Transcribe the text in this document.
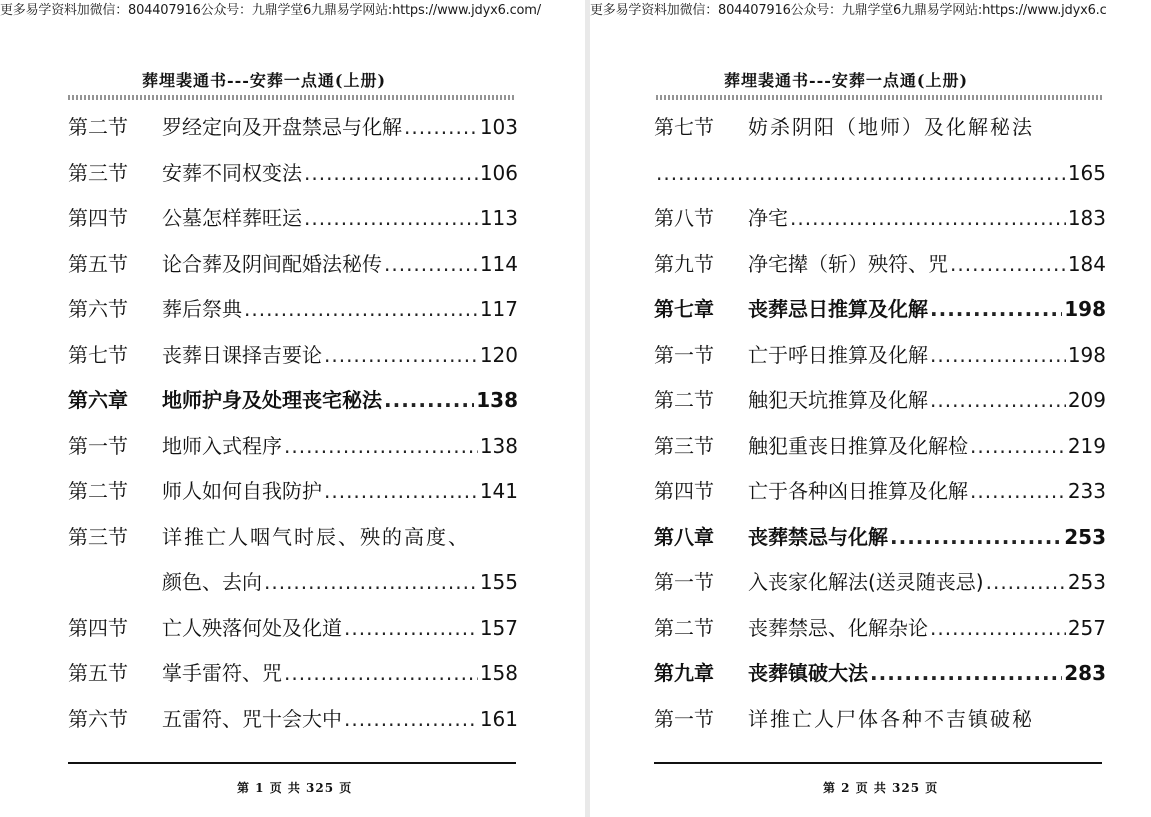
葬埋裴通书---安葬一点通(上册)
第二节	罗经定向及开盘禁忌与化解 .....	103
第三节	安葬不同权变法 .....	106
第四节	公墓怎样葬旺运 .....	113
第五节	论合葬及阴间配婚法秘传 .....	114
第六节	葬后祭典 .....	117
第七节	丧葬日课择吉要论 .....	120
第六章	地师护身及处理丧宅秘法 .....	138
第一节	地师入式程序 .....	138
第二节	师人如何自我防护 .....	141
第三节	详推亡人咽气时辰、殃的高度、
颜色、去向 .....	155
第四节	亡人殃落何处及化道 .....	157
第五节	掌手雷符、咒 .....	158
第六节	五雷符、咒十会大中 .....	161
第 1 页 共 325 页
葬埋裴通书---安葬一点通(上册)
第七节	妨杀阴阳（地师）及化解秘法
.....
165
第八节	净宅 .....	183
第九节	净宅撵（斩）殃符、咒 .....	184
第七章	丧葬忌日推算及化解 .....	198
第一节	亡于呼日推算及化解 .....	198
第二节	触犯天坑推算及化解 .....	209
第三节	触犯重丧日推算及化解检 .....	219
第四节	亡于各种凶日推算及化解 .....	233
第八章	丧葬禁忌与化解 .....	253
第一节	入丧家化解法(送灵随丧忌) .....	253
第二节	丧葬禁忌、化解杂论 .....	257
第九章	丧葬镇破大法 .....	283
第一节	详推亡人尸体各种不吉镇破秘
第 2 页 共 325 页
更多易学资料加微信：804407916公众号：九鼎学堂6九鼎易学网站:https://www.jdyx6.com/	更多易学资料加微信：804407916公众号：九鼎学堂6九鼎易学网站:https://www.jdyx6.c
